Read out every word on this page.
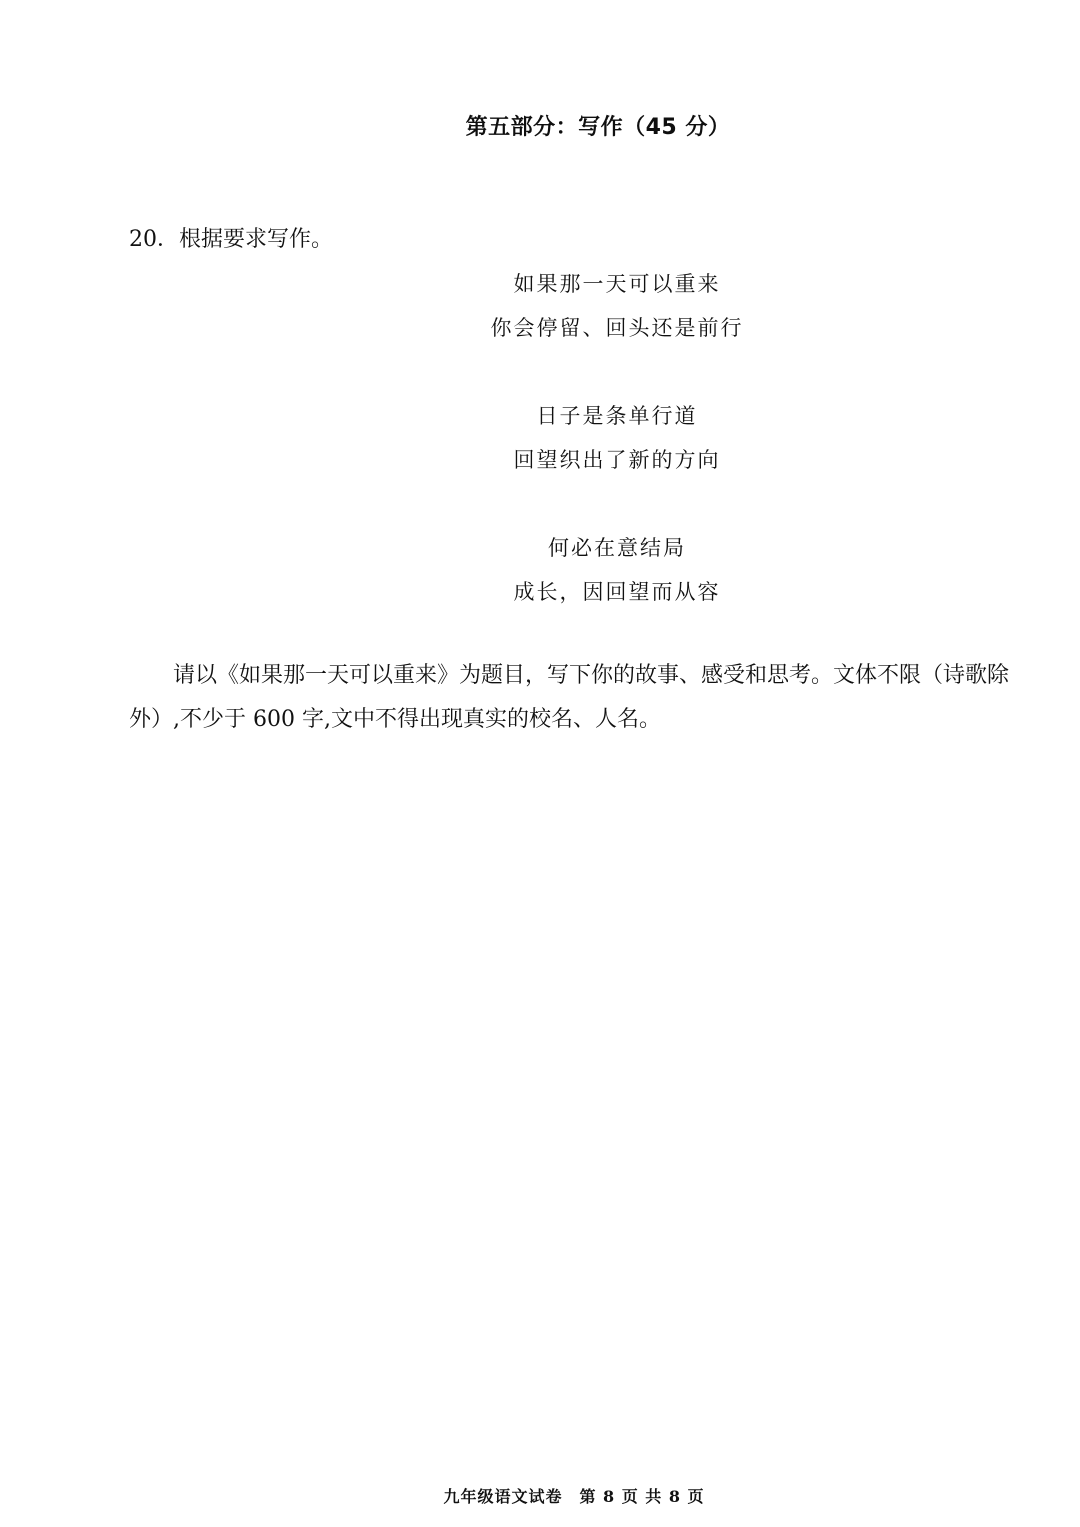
第五部分：写作（45 分）
20．根据要求写作。
如果那一天可以重来
你会停留、回头还是前行
日子是条单行道
回望织出了新的方向
何必在意结局
成长，因回望而从容
请以《如果那一天可以重来》为题目，写下你的故事、感受和思考。文体不限（诗歌除
外）,不少于 600 字,文中不得出现真实的校名、人名。
九年级语文试卷　第 8 页 共 8 页
